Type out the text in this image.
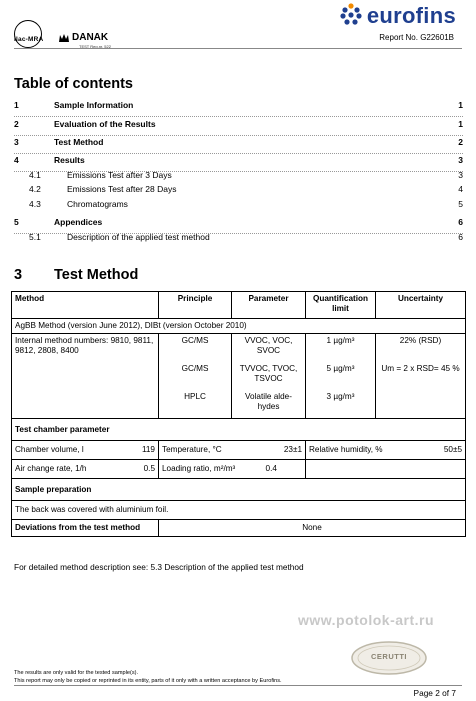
ilac-MRA	DANAK
TEST Reg.nr. 522
eurofins
Report No. G22601B
Table of contents
1	Sample Information	1
2	Evaluation of the Results	1
3	Test Method	2
4	Results	3
4.1	Emissions Test after 3 Days	3
4.2	Emissions Test after 28 Days	4
4.3	Chromatograms	5
5	Appendices	6
5.1	Description of the applied test method	6
3 Test Method
Method	Principle	Parameter	Quantification limit	Uncertainty
AgBB Method (version June 2012), DIBt (version October 2010)				
Internal method numbers: 9810, 9811, 9812, 2808, 8400	GC/MS	VVOC, VOC, SVOC	1 µg/m³	22% (RSD)
	GC/MS	TVVOC, TVOC, TSVOC	5 µg/m³	Um = 2 x RSD= 45 %
	HPLC	Volatile alde-hydes	3 µg/m³	
Test chamber parameter				

Chamber volume, l 119	Temperature, °C 23±1		Relative humidity, % 50±5	

Air change rate, 1/h 0.5	Loading ratio, m²/m³ 0.4			
Sample preparation				
The back was covered with aluminium foil.				
Deviations from the test method	None			
For detailed method description see: 5.3 Description of the applied test method
www.potolok-art.ru
CERUTTI
The results are only valid for the tested sample(s).
This report may only be copied or reprinted in its entity, parts of it only with a written acceptance by Eurofins.
Page 2 of 7
